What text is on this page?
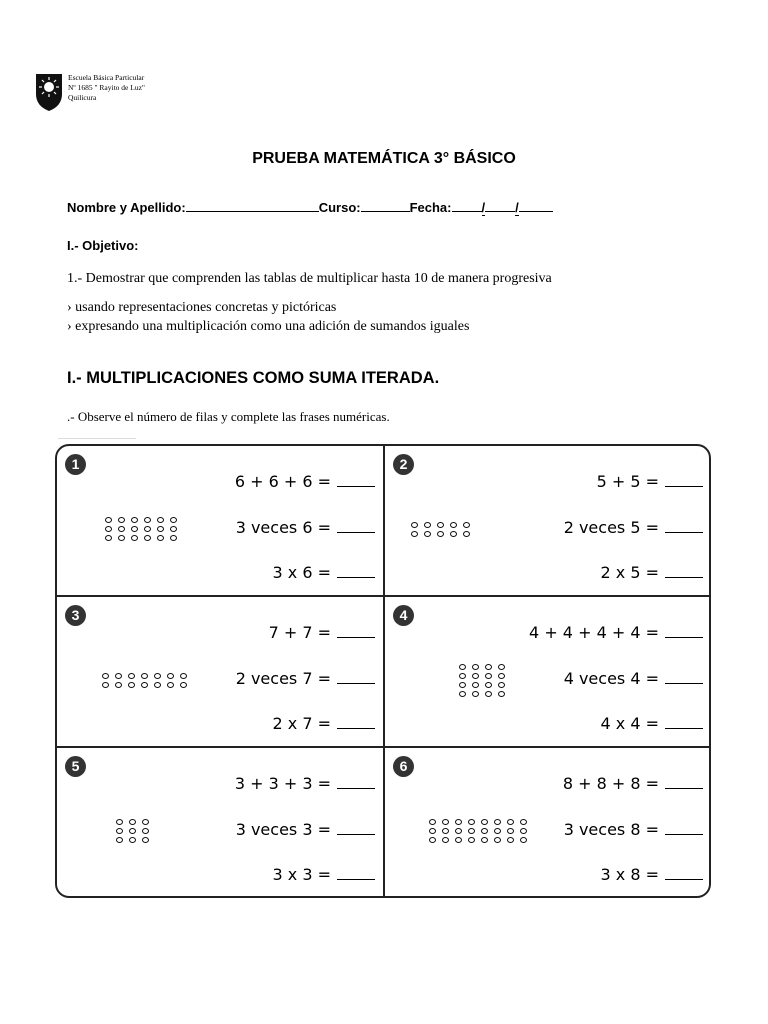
Escuela Básica Particular
Nº 1685 " Rayito de Luz"
Quilicura
PRUEBA MATEMÁTICA 3° BÁSICO
Nombre y Apellido:	Curso:	Fecha: / /
I.- Objetivo:
1.- Demostrar que comprenden las tablas de multiplicar hasta 10 de manera progresiva
› usando representaciones concretas y pictóricas
› expresando una multiplicación como una adición de sumandos iguales
I.- MULTIPLICACIONES COMO SUMA ITERADA.
.- Observe el número de filas y complete las frases numéricas.
1
6 + 6 + 6 =
3 veces 6 =
3 x 6 =
2
5 + 5 =
2 veces 5 =
2 x 5 =
3
7 + 7 =
2 veces 7 =
2 x 7 =
4
4 + 4 + 4 + 4 =
4 veces 4 =
4 x 4 =
5
3 + 3 + 3 =
3 veces 3 =
3 x 3 =
6
8 + 8 + 8 =
3 veces 8 =
3 x 8 =
